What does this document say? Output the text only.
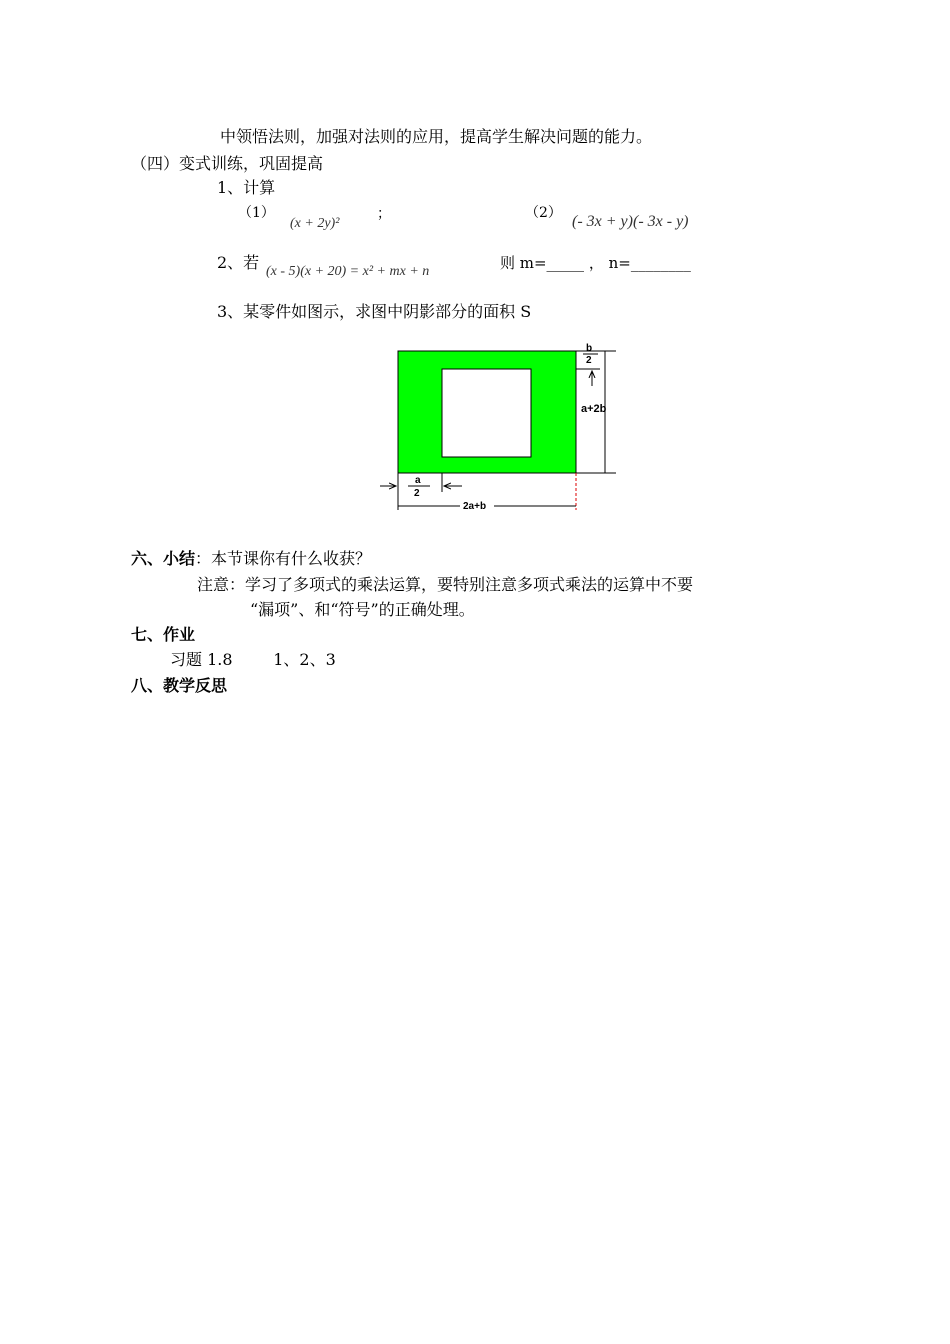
中领悟法则，加强对法则的应用，提高学生解决问题的能力。
（四）变式训练，巩固提高
1、计算
（1）
(x + 2y)²
；	（2） (- 3x + y)(- 3x - y)
2、若 (x - 5)(x + 20) = x² + mx + n	则 m=_____ ， n=________
3、某零件如图示，求图中阴影部分的面积 S
b
2
a+2b
a
2
2a+b
六、小结：本节课你有什么收获？
注意：学习了多项式的乘法运算，要特别注意多项式乘法的运算中不要
“漏项”、和“符号”的正确处理。
七、作业
习题 1.8        1、2、3
八、教学反思
